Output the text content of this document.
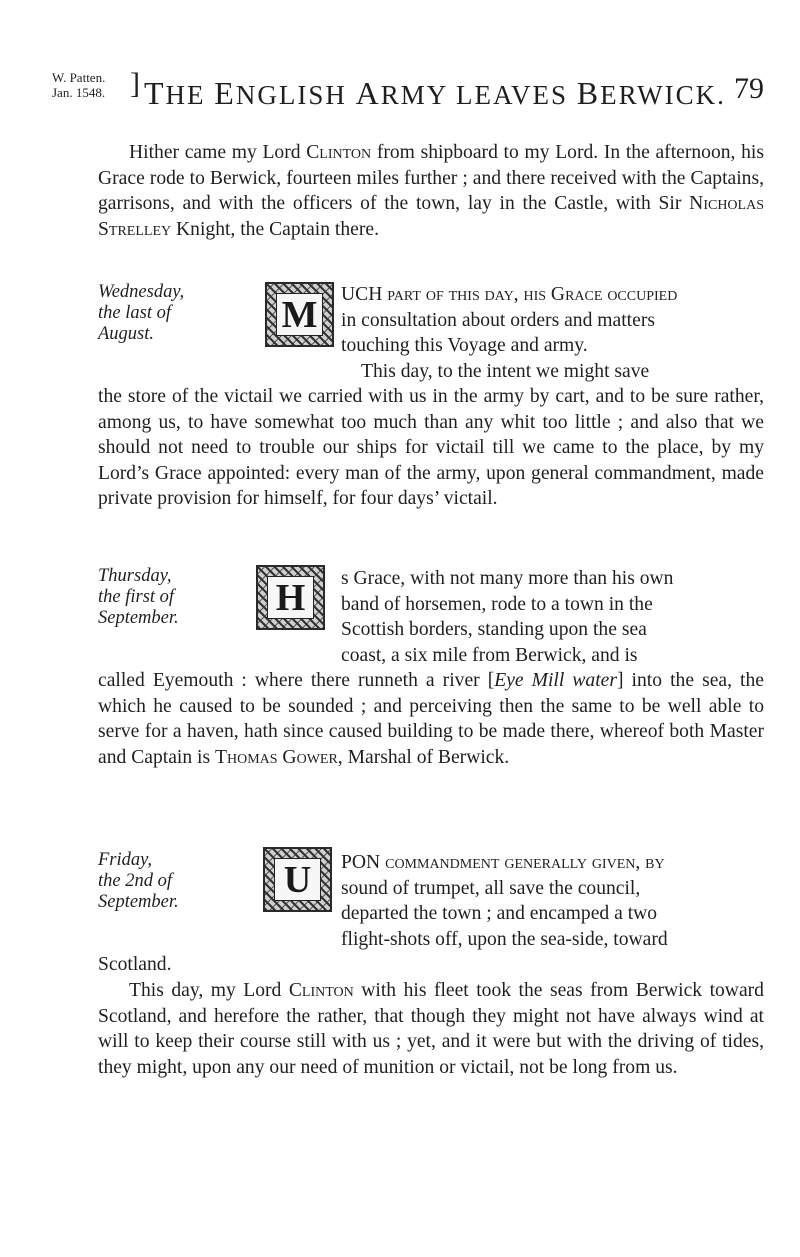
W. Patten.
Jan. 1548. ] THE ENGLISH ARMY LEAVES BERWICK. 79

Hither came my Lord Clinton from shipboard to my Lord. In the afternoon, his Grace rode to Berwick, fourteen miles further ; and there received with the Captains, garrisons, and with the officers of the town, lay in the Castle, with Sir Nicholas Strelley Knight, the Captain there.

Wednesday,
the last of
August.	M UCH part of this day, his Grace occupied
in consultation about orders and matters
touching this Voyage and army.
This day, to the intent we might save

the store of the victail we carried with us in the army by cart, and to be sure rather, among us, to have somewhat too much than any whit too little ; and also that we should not need to trouble our ships for victail till we came to the place, by my Lord’s Grace appointed: every man of the army, upon general commandment, made private provision for himself, for four days’ victail.

Thursday,
the first of
September.	H	s Grace, with not many more than his own
band of horsemen, rode to a town in the
Scottish borders, standing upon the sea
coast, a six mile from Berwick, and is

called Eyemouth : where there runneth a river [Eye Mill water] into the sea, the which he caused to be sounded ; and perceiving then the same to be well able to serve for a haven, hath since caused building to be made there, whereof both Master and Captain is Thomas Gower, Marshal of Berwick.

Friday,
the 2nd of
September.
U	PON commandment generally given, by
sound of trumpet, all save the council,
departed the town ; and encamped a two
flight-shots off, upon the sea-side, toward

Scotland.

This day, my Lord Clinton with his fleet took the seas from Berwick toward Scotland, and herefore the rather, that though they might not have always wind at will to keep their course still with us ; yet, and it were but with the driving of tides, they might, upon any our need of munition or victail, not be long from us.
